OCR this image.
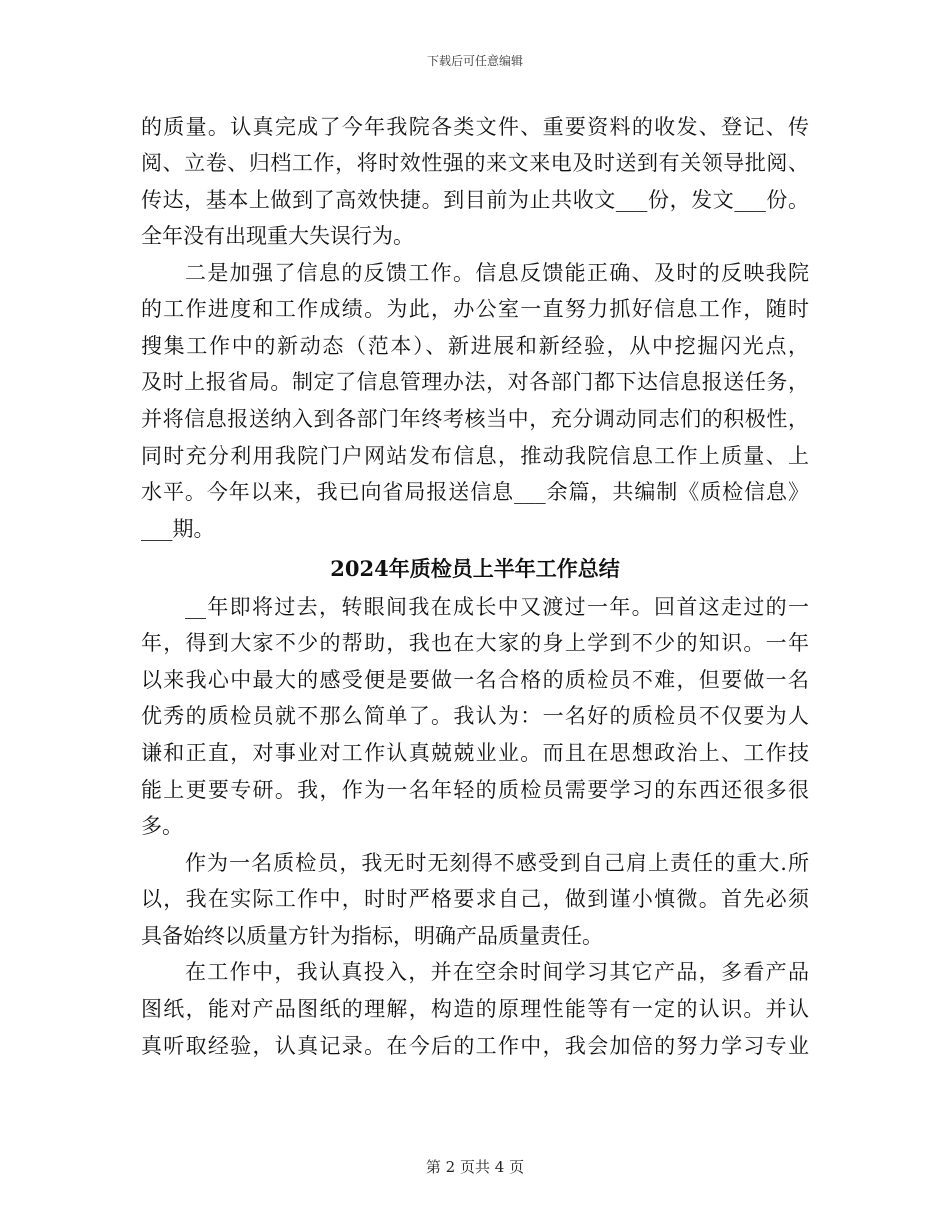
下载后可任意编辑
的质量。认真完成了今年我院各类文件、重要资料的收发、登记、传
阅、立卷、归档工作，将时效性强的来文来电及时送到有关领导批阅、
传达，基本上做到了高效快捷。到目前为止共收文___份，发文___份。
全年没有出现重大失误行为。
二是加强了信息的反馈工作。信息反馈能正确、及时的反映我院
的工作进度和工作成绩。为此，办公室一直努力抓好信息工作，随时
搜集工作中的新动态（范本）、新进展和新经验，从中挖掘闪光点，
及时上报省局。制定了信息管理办法，对各部门都下达信息报送任务，
并将信息报送纳入到各部门年终考核当中，充分调动同志们的积极性，
同时充分利用我院门户网站发布信息，推动我院信息工作上质量、上
水平。今年以来，我已向省局报送信息___余篇，共编制《质检信息》
___期。
2024年质检员上半年工作总结
__年即将过去，转眼间我在成长中又渡过一年。回首这走过的一
年，得到大家不少的帮助，我也在大家的身上学到不少的知识。一年
以来我心中最大的感受便是要做一名合格的质检员不难，但要做一名
优秀的质检员就不那么简单了。我认为：一名好的质检员不仅要为人
谦和正直，对事业对工作认真兢兢业业。而且在思想政治上、工作技
能上更要专研。我，作为一名年轻的质检员需要学习的东西还很多很
多。
作为一名质检员，我无时无刻得不感受到自己肩上责任的重大.所
以，我在实际工作中，时时严格要求自己，做到谨小慎微。首先必须
具备始终以质量方针为指标，明确产品质量责任。
在工作中，我认真投入，并在空余时间学习其它产品，多看产品
图纸，能对产品图纸的理解，构造的原理性能等有一定的认识。并认
真听取经验，认真记录。在今后的工作中，我会加倍的努力学习专业
第 2 页共 4 页
